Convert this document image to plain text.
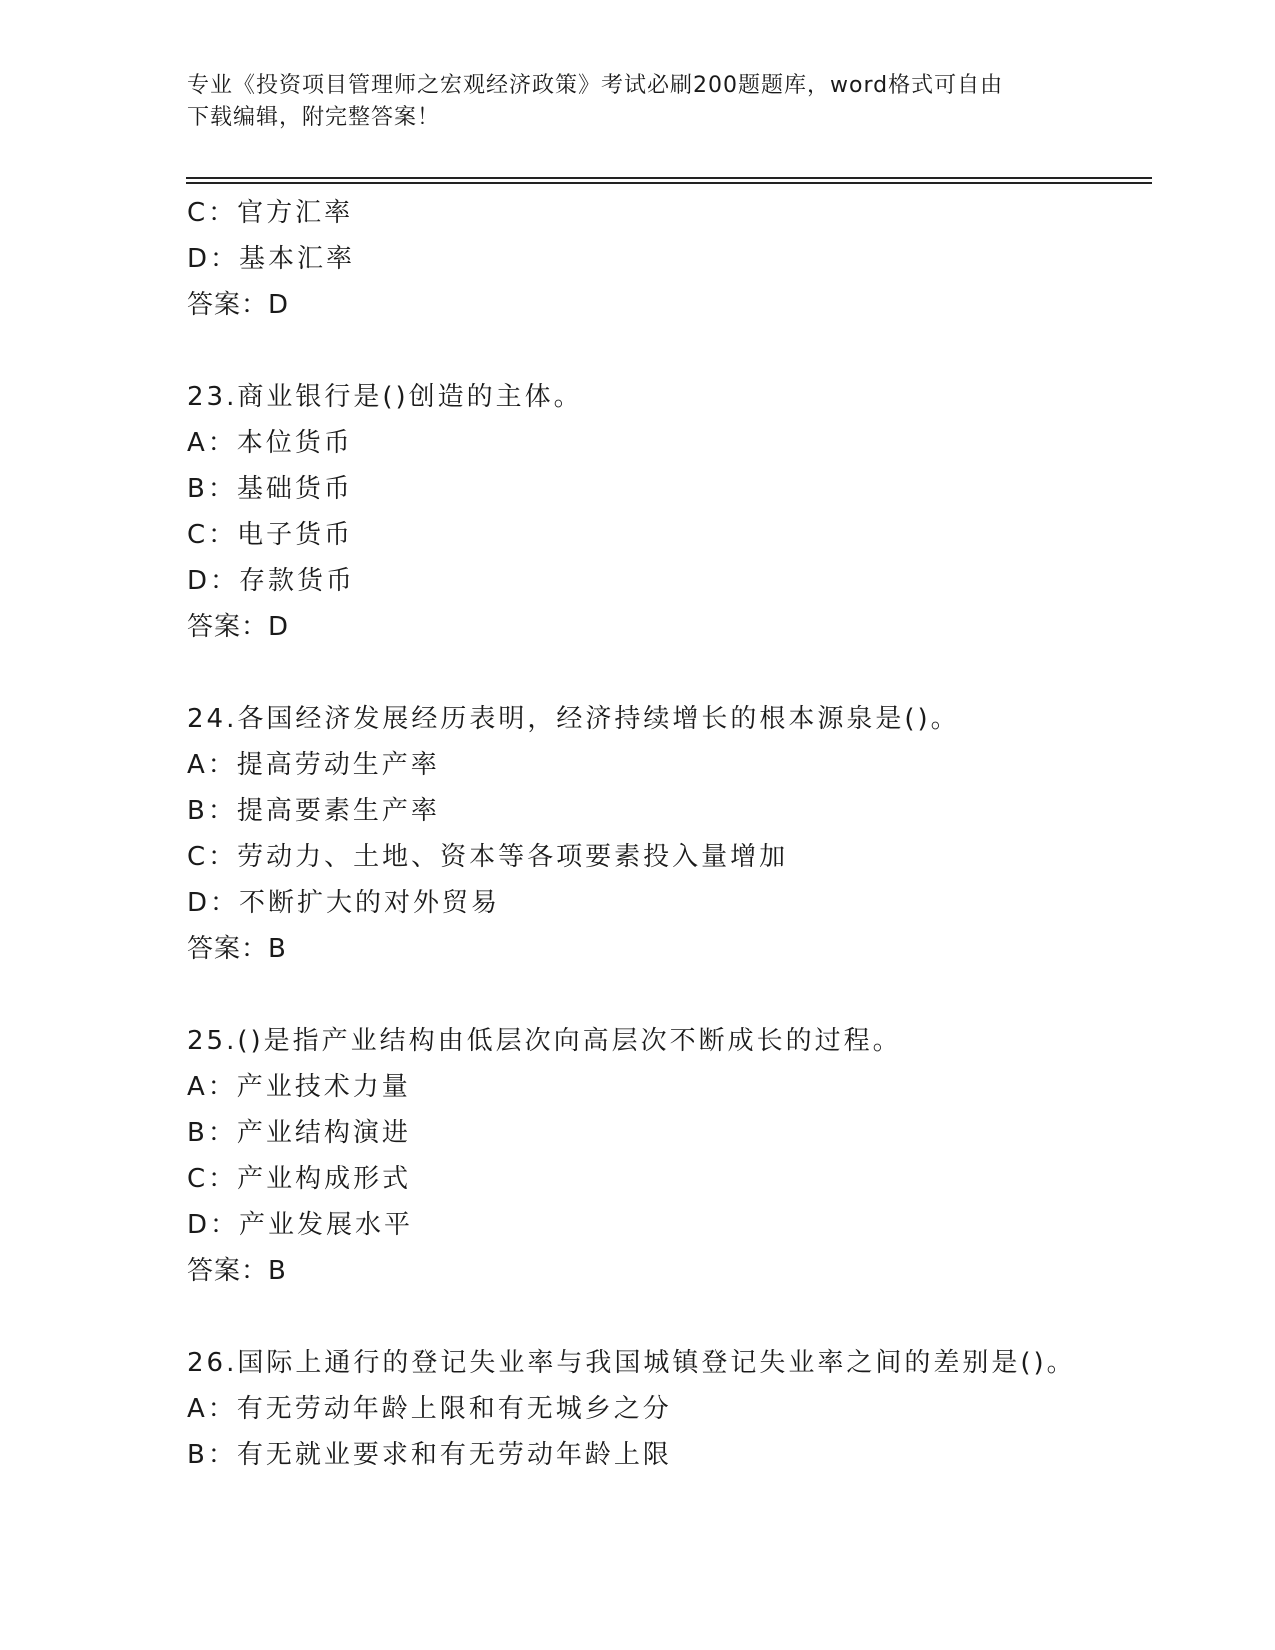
专业《投资项目管理师之宏观经济政策》考试必刷200题题库，word格式可自由
下载编辑，附完整答案！
C：官方汇率
D：基本汇率
答案：D
23.商业银行是()创造的主体。
A：本位货币
B：基础货币
C：电子货币
D：存款货币
答案：D
24.各国经济发展经历表明，经济持续增长的根本源泉是()。
A：提高劳动生产率
B：提高要素生产率
C：劳动力、土地、资本等各项要素投入量增加
D：不断扩大的对外贸易
答案：B
25.()是指产业结构由低层次向高层次不断成长的过程。
A：产业技术力量
B：产业结构演进
C：产业构成形式
D：产业发展水平
答案：B
26.国际上通行的登记失业率与我国城镇登记失业率之间的差别是()。
A：有无劳动年龄上限和有无城乡之分
B：有无就业要求和有无劳动年龄上限
